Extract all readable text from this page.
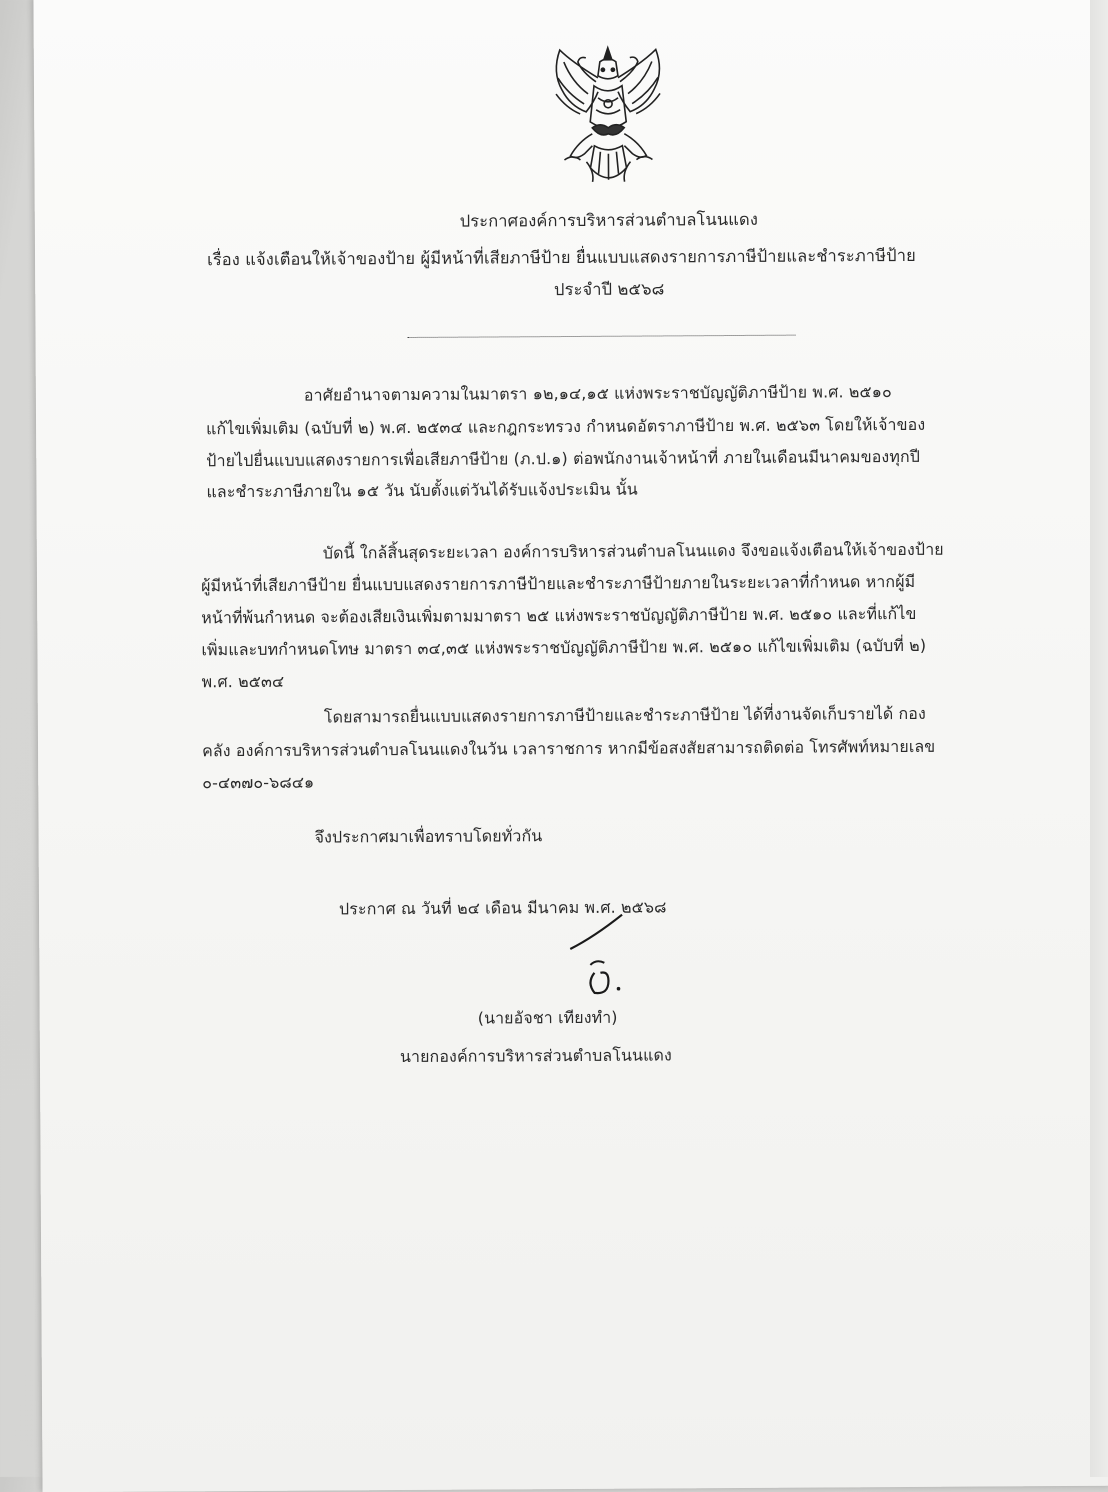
ประกาศองค์การบริหารส่วนตำบลโนนแดง
เรื่อง แจ้งเตือนให้เจ้าของป้าย ผู้มีหน้าที่เสียภาษีป้าย ยื่นแบบแสดงรายการภาษีป้ายและชำระภาษีป้าย
ประจำปี ๒๕๖๘
อาศัยอำนาจตามความในมาตรา ๑๒,๑๔,๑๕ แห่งพระราชบัญญัติภาษีป้าย พ.ศ. ๒๕๑๐
แก้ไขเพิ่มเติม (ฉบับที่ ๒) พ.ศ. ๒๕๓๔ และกฎกระทรวง กำหนดอัตราภาษีป้าย พ.ศ. ๒๕๖๓ โดยให้เจ้าของ
ป้ายไปยื่นแบบแสดงรายการเพื่อเสียภาษีป้าย (ภ.ป.๑) ต่อพนักงานเจ้าหน้าที่ ภายในเดือนมีนาคมของทุกปี
และชำระภาษีภายใน ๑๕ วัน นับตั้งแต่วันได้รับแจ้งประเมิน นั้น
บัดนี้ ใกล้สิ้นสุดระยะเวลา องค์การบริหารส่วนตำบลโนนแดง จึงขอแจ้งเตือนให้เจ้าของป้าย
ผู้มีหน้าที่เสียภาษีป้าย ยื่นแบบแสดงรายการภาษีป้ายและชำระภาษีป้ายภายในระยะเวลาที่กำหนด หากผู้มี
หน้าที่พ้นกำหนด จะต้องเสียเงินเพิ่มตามมาตรา ๒๕ แห่งพระราชบัญญัติภาษีป้าย พ.ศ. ๒๕๑๐ และที่แก้ไข
เพิ่มและบทกำหนดโทษ มาตรา ๓๔,๓๕ แห่งพระราชบัญญัติภาษีป้าย พ.ศ. ๒๕๑๐ แก้ไขเพิ่มเติม (ฉบับที่ ๒)
พ.ศ. ๒๕๓๔
โดยสามารถยื่นแบบแสดงรายการภาษีป้ายและชำระภาษีป้าย ได้ที่งานจัดเก็บรายได้ กอง
คลัง องค์การบริหารส่วนตำบลโนนแดงในวัน เวลาราชการ หากมีข้อสงสัยสามารถติดต่อ โทรศัพท์หมายเลข
๐-๔๓๗๐-๖๘๔๑
จึงประกาศมาเพื่อทราบโดยทั่วกัน
ประกาศ ณ วันที่ ๒๔ เดือน มีนาคม พ.ศ. ๒๕๖๘
(นายอัจชา เทียงทำ)
นายกองค์การบริหารส่วนตำบลโนนแดง
